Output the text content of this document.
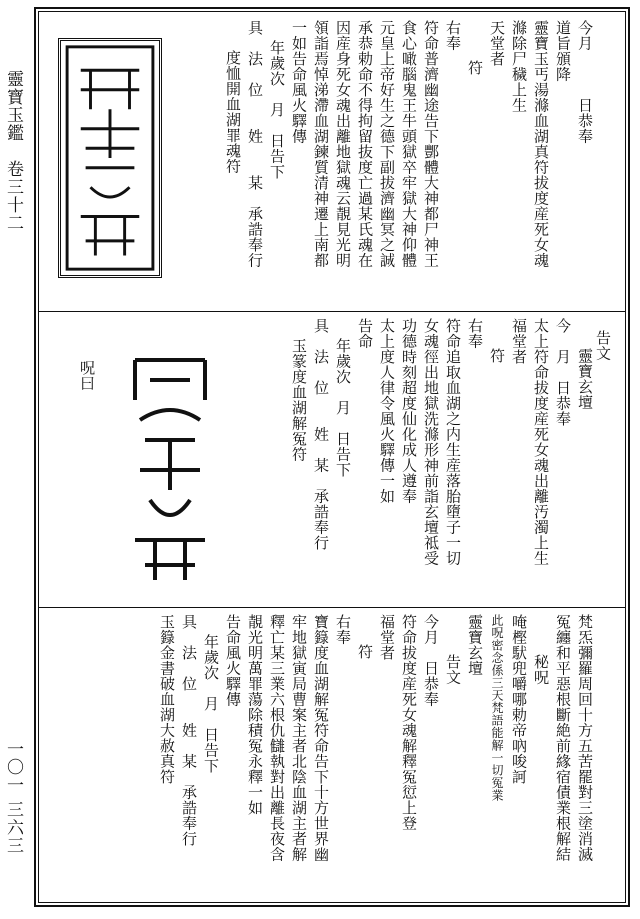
靈寶玉鑑　卷三十二
一〇一 三六三
今月　　　日恭奉
道旨頒降
靈寶玉丐湯滌血湖真符拔度産死女魂
滌除尸穢上生
天堂者
符
右奉
符命普濟幽途告下酆體大神都尸神王
食心噉腦鬼王牛頭獄卒牢獄大神仰體
元皇上帝好生之德下副拔濟幽冥之誠
承恭勅命不得拘留抜度亡過某氏魂在
因産身死女魂出離地獄魂云靚見光明
領詣焉悼涕滯血湖鍊質清神遷上南都
一如告命風火驛傳
年歲次　月　日告下
具　法　位　　姓　　某　承誥奉行
度恤開血湖罪魂符
靈寶玄壇
今　月　日恭奉
太上符命拔度産死女魂出離汚濁上生
福堂者
符
右奉
符命追取血湖之内生産落胎墮子一切
女魂徑出地獄洗滌形神前詣玄壇祗受
功德時刻超度仙化成人遵奉
太上度人律令風火驛傳一如
告命
年歲次　月　日告下
具　法　位　　姓　某　承誥奉行
玉篆度血湖解冤符	告文
呪曰
梵炁彌羅周回十方五苦罷對三塗消滅
冤纏和平惡根斷絶前緣宿債業根解結
秘呪
唵樫䭾兜嚼哪勅帝吶唆訶
此呪密念係三天梵語能解一切冤業
靈寶玄壇
告文
今月　日恭奉
符命拔度産死女魂解釋冤愆上登
福堂者
符
右奉
寶籙度血湖解冤符命告下十方世界幽
牢地獄寅局曹案主者北陰血湖主者解
釋亡某三業六根仇讎執對出離長夜含
靚光明萬罪蕩除積冤永釋一如
告命風火驛傳
年歲次　月　日告下
具　法　位　　姓　某　承誥奉行
玉籙金書破血湖大赦真符
